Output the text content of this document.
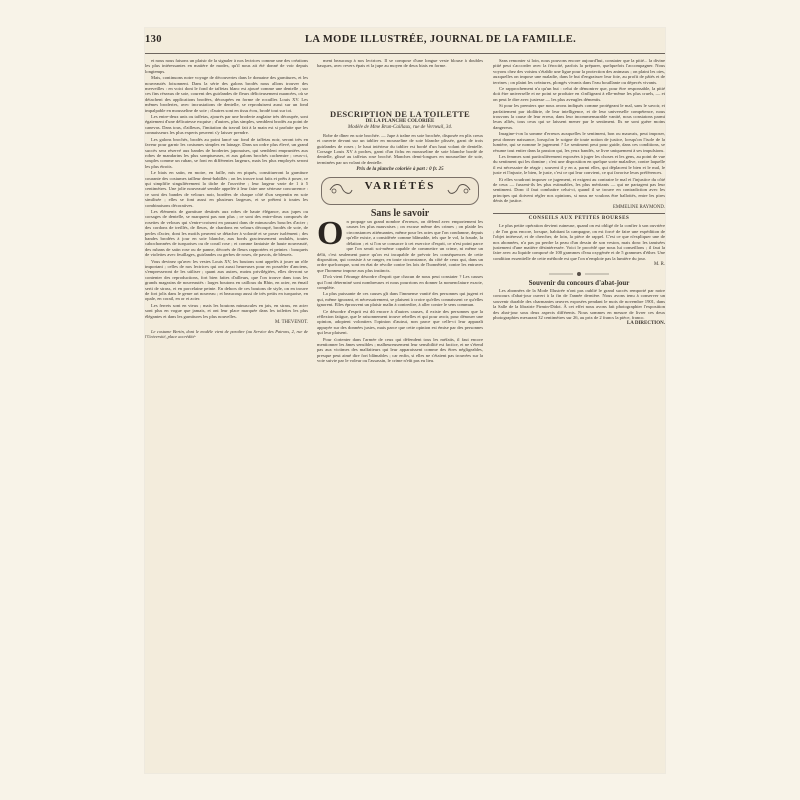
130	LA MODE ILLUSTRÉE, JOURNAL DE LA FAMILLE.

et nous nous faisons un plaisir de la signaler à nos lectrices comme une des créations les plus intéressantes en matière de modes, qu'il nous ait été donné de voir depuis longtemps.

Mais, continuons notre voyage de découvertes dans le domaine des garnitures, et les nouveautés foisonnent. Dans la série des galons brodés nous allons trouver des merveilles : en voici dont le fond de taffetas blanc est ajouré comme une dentelle ; sur ces fins réseaux de soie, courent des guirlandes de fleurs délicieusement nuancées, où se détachent des applications brodées, découpées en forme de rocailles Louis XV. Les mêmes broderies, avec incrustations de dentelle, se reproduisent aussi sur un fond impalpable en mousseline de soie ; d'autres sont en tissu écru, brodé tout sur toi.

Les entre-deux unis ou taffetas, ajourés par une broderie anglaise très découpée, sont égaiement d'une délicatesse exquise ; d'autres, plus simples, semblent brodés au point de canevas. Dans tous, d'ailleurs, l'imitation du travail fait à la main est si parfaite que les connaisseurs les plus experts peuvent s'y laisser prendre.

Les galons brochés, brodés au point lancé sur fond de taffetas noir, seront très en faveur pour garnir les costumes simples en lainage. Dans un ordre plus élevé, un grand succès sera réservé aux bandes de broderies japonaises, qui semblent empruntées aux robes de mandarins les plus somptueuses, et aux galons brochés cachemire ; ceux-ci, souples comme un ruban, se font en différentes largeurs, mais les plus employés seront les plus étroits.

Le biais en satin, en moire, en faille, mis en piqués, constitueront la garniture courante des costumes tailleur demi-habillés ; on les trouve tout faits et prêts à poser, ce qui simplifie singulièrement la tâche de l'ouvrière ; leur largeur varie de 1 à 5 centimètres. Une jolie nouveauté semble appelée à leur faire une sérieuse concurrence : ce sont des bandes de velours noir, bordées de chaque côté d'un serpentin en soie similisée ; elles se font aussi en plusieurs largeurs, et se prêtent à toutes les combinaisons décoratives.

Les éléments de garniture destinés aux robes de haute élégance, aux jupes ou corsages de dentelle, se marquent pas non plus ; ce sont des entre-deux composés de rosettes de velours qui s'entre-croisent en passant dans de minuscules boucles d'acier ; des cordons de treillés, de fleurs, de chardons en velours découpé, brodés de soie, de perles d'acier, dont les motifs peuvent se détacher à volonté et se poser isolément ; des bandes brodées à jour en soie blanche, aux bords gracieusement ondulés, toutes cabochonnées de turquoises ou de corail rose ; et comme fantaisie de haute nouveauté, des rubans de satin rose ou de panne, décorés de fleurs rapportées et peintes : bouquets de violettes avec feuillages, guirlandes ou gerbes de roses, de pavots, de bleuets.

Vous devinez qu'avec les vestes Louis XV, les boutons sont appelés à jouer un rôle important ; celles de nos lectrices qui ont aussi heureuses pour en posséder d'anciens, s'empresseront de les utiliser ; quant aux autres, moins privilégiées, elles devront se contenter des reproductions, fort bien faites d'ailleurs, que l'on trouve dans tous les grands magasins de nouveautés : larges boutons en cailloux du Rhin, en acier, en émail serti de strass, et en porcelaine peinte. En dehors de ces boutons de style, on en trouve de fort jolis dans le genre art nouveau ; et beaucoup aussi de très petits en turquoise, en opale, en corail, en or et acier.

Les ferrets sont en vieux ; mais les boutons minuscules en jais, en strass, en acier sont plus en vogue que jamais, et ont leur place marquée dans les toilettes les plus élégantes et dans les garnitures les plus nouvelles.

M. THEVENOT.

Le costume Bertin, dont le modèle vient de paraître (au Service des Patrons, 2, rue de l'Université, place accrédité-

ment beaucoup à nos lectrices. Il se compose d'une longue veste blouse à doubles basques, avec revers épais et la jupe au moyen de deux biais en forme.

DESCRIPTION DE LA TOILETTE
DE LA PLANCHE COLORIÉE
Modèle de Mme Brun-Caillaux, rue de Verneuil, 34.

Robe de dîner en soie brochée. — Jupe à traîne en soie brochée, disposée en plis creux et ouverte devant sur un tablier en mousseline de soie blanche plissée, garni de trois guirlandes de roses ; le haut intérieur du tablier est bordé d'un haut volant de dentelle. Corsage Louis XV à poches, garni d'un fichu en mousseline de soie blanche bordé de dentelle, glissé au taffetas rose broché. Manches demi-longues en mousseline de soie, terminées par un volant de dentelle.

Prix de la planche coloriée à part : 0 fr. 25
VARIÉTÉS
Sans le savoir
O n propage un grand nombre d'erreurs, on défend avec emportement les causes les plus mauvaises ; on excuse même des crimes ; on plaide les circonstances atténuantes, même pour les actes que l'on condamne, depuis qu'elle existe, a considérée comme blâmable, tels que le vol, la fraude, la délation ; et si l'on se consacre à cet exercice d'esprit, ce n'est point parce que l'on serait soi-même capable de commettre un crime, ni même un délit, c'est seulement parce qu'on est incapable de prévoir les conséquences de cette disposition, qui consiste à se ranger, en toute circonstance, du côté de ceux qui, dans un ordre quelconque, sont en état de révolte contre les lois de l'honnêteté, contre les entraves que l'honneur impose aux plus instincts.

D'où vient l'étrange désordre d'esprit que chacun de nous peut constater ? Les causes qui l'ont déterminé sont nombreuses et nous pourrions en donner la nomenclature exacte, complète.

La plus puissante de ces causes gît dans l'immense vanité des personnes qui jugent et qui, même ignorant, et nécessairement, se plaisent à croire qu'elles connaissent ce qu'elles ignorent. Elles éprouvent un plaisir malin à contredire, à aller contre le sens commun.

Ce désordre d'esprit est dû encore à d'autres causes, il existe des personnes que la réflexion fatigue, que le raisonnement trouve rebelles et qui pour avoir, pour dénouer une opinion, adoptent volontiers l'opinion d'autrui, non parce que celle-ci leur apparaît appuyée sur des données justes, mais parce que cette opinion est émise par des personnes qui leur plaisent.

Pour s'orienter dans l'armée de ceux qui défendent tous les méfaits, il faut encore mentionner les âmes sensibles ; malheureusement leur sensibilité est factice, et ne s'étend pas aux victimes des malfaiteurs qui leur apparaissent comme des êtres négligeables, presque peut aimé dire fort blâmables ; car enfin, si elles ne s'étaient pas trouvées sur la voie suivie par le voleur ou l'assassin, le crime n'eût pas eu lieu.

Sans remonter si loin, nous pouvons encore aujourd'hui, constater que la pitié... la divine pitié peut s'accorder avec la férocité, parfois la préparer, quelquefois l'accompagner. Nous voyons chez des voisins s'établir une ligue pour la protection des animaux ; on plaint les oies, auxquelles on impose une maladie, dans le but d'engraisser leur foie, au profit de pâtés et de terrines ; on plaint les créatures, plongés vivants dans l'eau bouillante ou dépecés vivants.

Ce rapprochement n'a qu'un but : celui de démontrer que, pour être responsable, la pitié doit être universelle et ne point se produire en s'infligeant à elle-même les plus cruels, — et on peut le dire avec justesse — les plus aveugles démentis.

Si pour les premiers que nous avons indiqués comme protégeant le mal, sans le savoir, et parfaitement par idolâtrie, de leur intelligence, et de leur universelle compétence, nous trouvons la cause de leur erreur, dans leur incommensurable vanité, nous constatons parmi leurs alliés, tous ceux qui se laissent mener par le sentiment. Ils ne sont guère moins dangereux.

Imagine-t-on la somme d'erreurs auxquelles le sentiment, bon ou mauvais, peut imposer, peut donner naissance, lorsqu'on le soigne de toute notion de justice, lorsqu'on l'isole de la lumière, qui se nomme le jugement ? Le sentiment peut pour guide, dans ces conditions, se résume tout entier dans la passion qui, les yeux bandés, se livre uniquement à ses impulsions.

Les femmes sont particulièrement exposées à juger les choses et les gens, au point de vue du sentiment qui les domine ; c'est une disposition en quelque sorte maladive, contre laquelle il est nécessaire de réagir ; souvent il y en a, parmi elles, qui déplacent le bien et le mal, le juste et l'injuste, le bien, le juste, c'est ce qui leur convient, ce qui favorise leurs préférences.

Et elles voudront imposer ce jugement, et exigent au contraire le mal et l'injustice du côté de ceux — fussent-ils les plus estimables, les plus méritants — qui ne partagent pas leur sentiment. Donc il faut combattre celui-ci, quand il se trouve en contradiction avec les principes qui doivent régler nos opinions, si nous ne voulons être ballottés, entre les pires dénis de justice.

EMMELINE RAYMOND.
CONSEILS AUX PETITES BOURSES

Le plus petite opération devient ruineuse, quand on est obligé de la confier à son ouvrière ; de l'on gras encore, lorsque, habitant la campagne, on est forcé de faire une expédition de l'objet intéressé, et de chercher, de loin, la pièce de rappel. C'est ce que n'expliquer une de nos abonnées, n'a pas pu perdre la peau d'un dessin de son veston, mais donc les tamisées justement d'une matière désintéressée. Voici le procédé que nous lui conseillons ; il faut la faire avec au liquide composé de 100 grammes d'eau oxygénée et de 5 grammes d'éther. Une condition essentielle de cette méthode est que l'on n'emploie pas la lumière du jour.

M. R.
Souvenir du concours d'abat-jour

Les abonnées de la Mode Illustrée n'ont pas oublié le grand succès remporté par notre concours d'abat-jour ouvert à la fin de l'année dernière. Nous avons tenu à conserver un souvenir durable des charmantes œuvres exposées pendant le mois de novembre 1901, dans la Salle de la librairie Firmin-Didot. À cet effet nous avons fait photographier l'exposition des abat-jour sous deux aspects différents. Nous sommes en mesure de livrer ces deux photographies mesurant 32 centimètres sur 26, au prix de 2 francs la pièce, franco.

LA DIRECTION.
